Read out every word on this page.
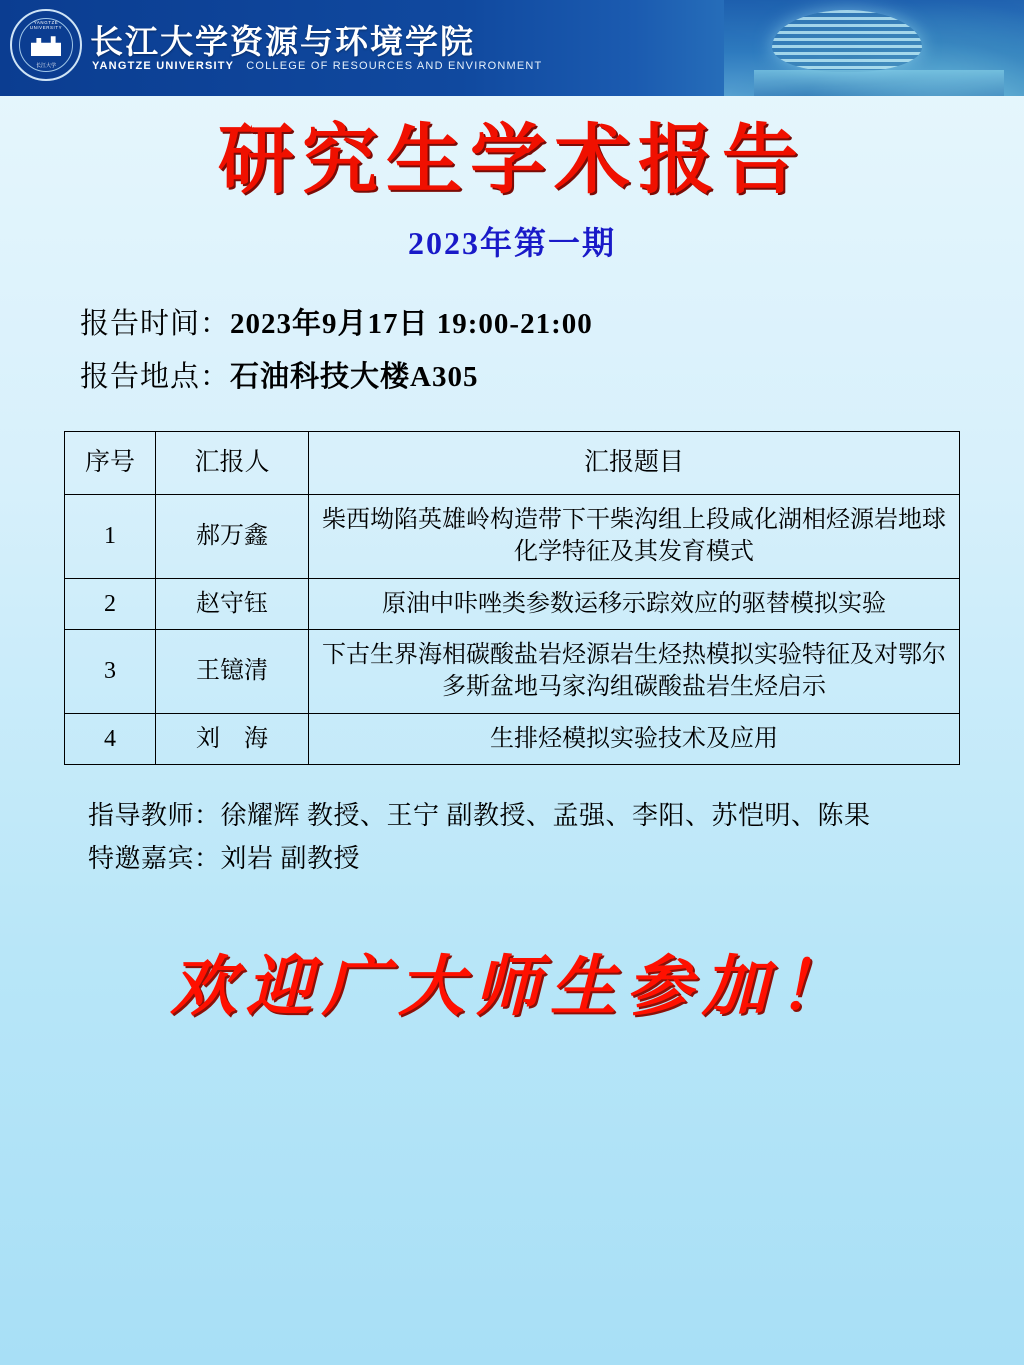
YANGTZE UNIVERSITY
长江大学
长江大学资源与环境学院
YANGTZE UNIVERSITY COLLEGE OF RESOURCES AND ENVIRONMENT
研究生学术报告
2023年第一期
报告时间：2023年9月17日 19:00-21:00
报告地点：石油科技大楼A305
序号	汇报人	汇报题目
1	郝万鑫	柴西坳陷英雄岭构造带下干柴沟组上段咸化湖相烃源岩地球化学特征及其发育模式
2	赵守钰	原油中咔唑类参数运移示踪效应的驱替模拟实验
3	王镱清	下古生界海相碳酸盐岩烃源岩生烃热模拟实验特征及对鄂尔多斯盆地马家沟组碳酸盐岩生烃启示
4	刘　海	生排烃模拟实验技术及应用
指导教师：徐耀辉 教授、王宁 副教授、孟强、李阳、苏恺明、陈果
特邀嘉宾：刘岩 副教授
欢迎广大师生参加！
